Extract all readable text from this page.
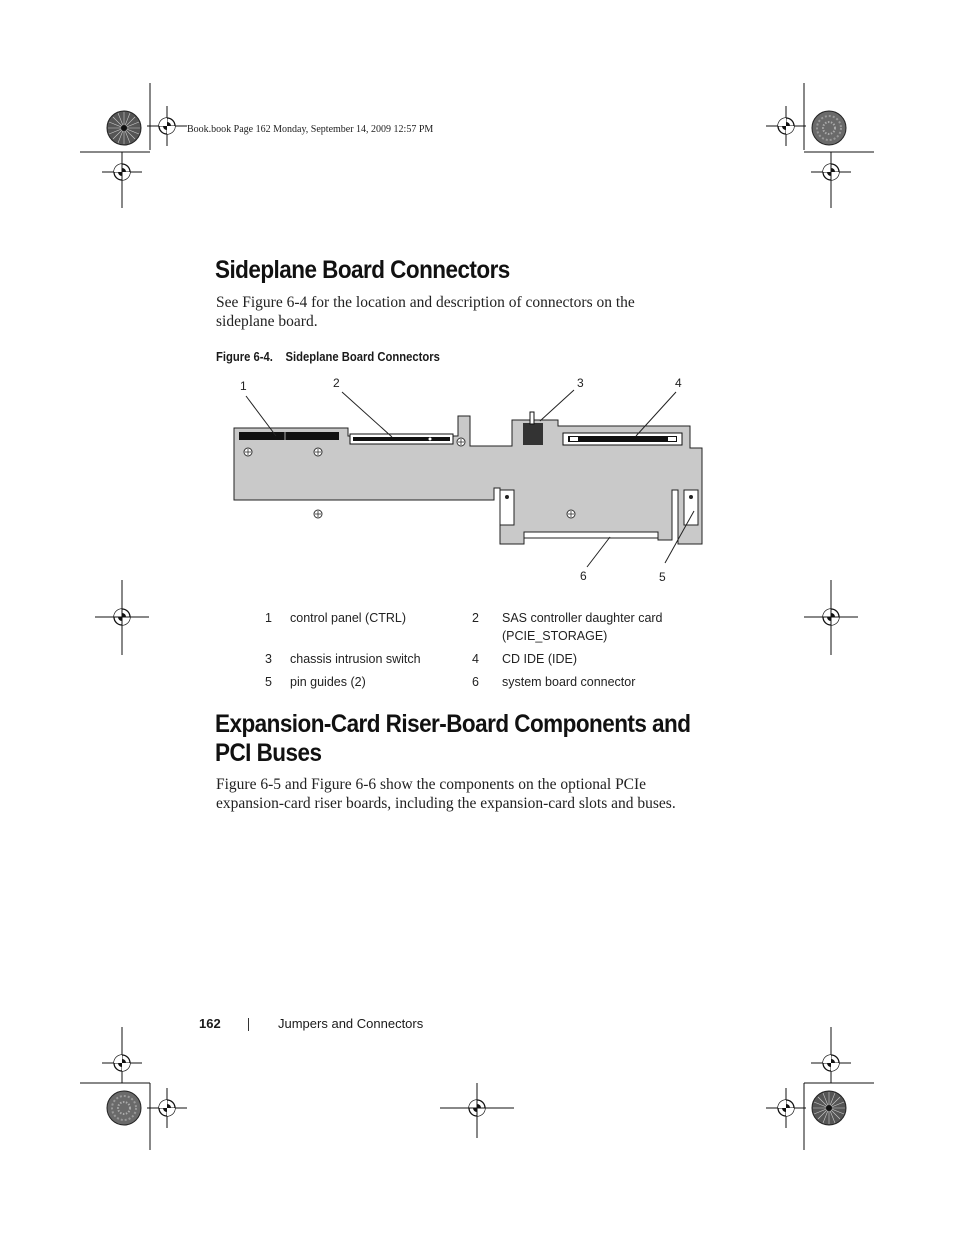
Book.book Page 162 Monday, September 14, 2009 12:57 PM
Sideplane Board Connectors

See Figure 6-4 for the location and description of connectors on the sideplane board.

Figure 6-4. Sideplane Board Connectors
1	2	3	4
5
6
1	control panel (CTRL)	2	SAS controller daughter card
(PCIE_STORAGE)
3	chassis intrusion switch	4	CD IDE (IDE)
5	pin guides (2)	6	system board connector
Expansion-Card Riser-Board Components and
PCI Buses

Figure 6-5 and Figure 6-6 show the components on the optional PCIe expansion-card riser boards, including the expansion-card slots and buses.

162	Jumpers and Connectors
